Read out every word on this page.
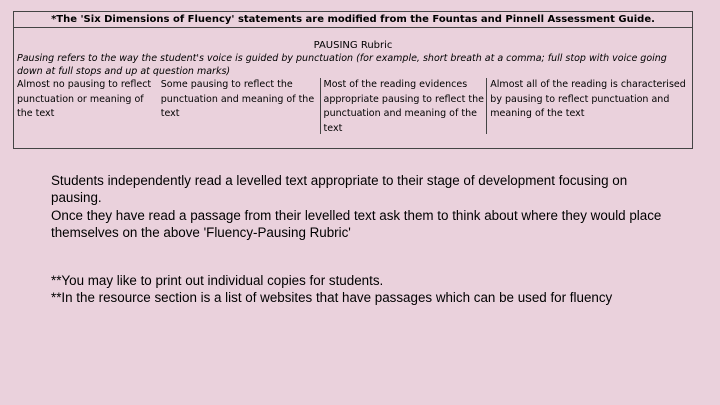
*The 'Six Dimensions of Fluency' statements are modified from the Fountas and Pinnell Assessment Guide.
PAUSING Rubric
Pausing refers to the way the student's voice is guided by punctuation (for example, short breath at a comma; full stop with voice going down at full stops and up at question marks)
Almost no pausing to reflect punctuation or meaning of the text
Some pausing to reflect the punctuation and meaning of the text
Most of the reading evidences appropriate pausing to reflect the punctuation and meaning of the text
Almost all of the reading is characterised by pausing to reflect punctuation and meaning of the text

Students independently read a levelled text appropriate to their stage of development focusing on pausing.

Once they have read a passage from their levelled text ask them to think about where they would place themselves on the above 'Fluency-Pausing Rubric'

**You may like to print out individual copies for students.

**In the resource section is a list of websites that have passages which can be used for fluency
